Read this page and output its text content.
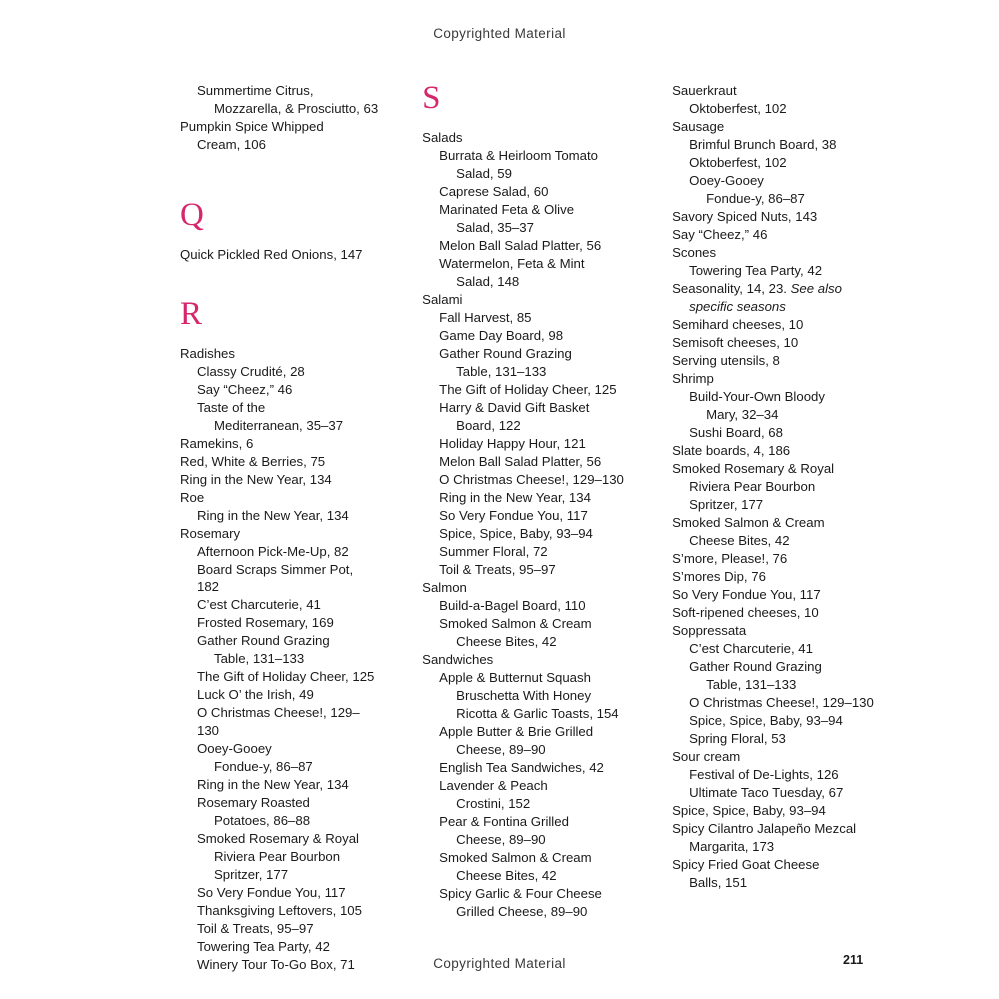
Copyrighted Material
Summertime Citrus,
Mozzarella, & Prosciutto, 63
Pumpkin Spice Whipped
Cream, 106
Q
Quick Pickled Red Onions, 147
R
Radishes
Classy Crudité, 28
Say “Cheez,” 46
Taste of the
Mediterranean, 35–37
Ramekins, 6
Red, White & Berries, 75
Ring in the New Year, 134
Roe
Ring in the New Year, 134
Rosemary
Afternoon Pick-Me-Up, 82
Board Scraps Simmer Pot, 182
C’est Charcuterie, 41
Frosted Rosemary, 169
Gather Round Grazing
Table, 131–133
The Gift of Holiday Cheer, 125
Luck O’ the Irish, 49
O Christmas Cheese!, 129–130
Ooey-Gooey
Fondue-y, 86–87
Ring in the New Year, 134
Rosemary Roasted
Potatoes, 86–88
Smoked Rosemary & Royal
Riviera Pear Bourbon
Spritzer, 177
So Very Fondue You, 117
Thanksgiving Leftovers, 105
Toil & Treats, 95–97
Towering Tea Party, 42
Winery Tour To-Go Box, 71
S
Salads
Burrata & Heirloom Tomato
Salad, 59
Caprese Salad, 60
Marinated Feta & Olive
Salad, 35–37
Melon Ball Salad Platter, 56
Watermelon, Feta & Mint
Salad, 148
Salami
Fall Harvest, 85
Game Day Board, 98
Gather Round Grazing
Table, 131–133
The Gift of Holiday Cheer, 125
Harry & David Gift Basket
Board, 122
Holiday Happy Hour, 121
Melon Ball Salad Platter, 56
O Christmas Cheese!, 129–130
Ring in the New Year, 134
So Very Fondue You, 117
Spice, Spice, Baby, 93–94
Summer Floral, 72
Toil & Treats, 95–97
Salmon
Build-a-Bagel Board, 110
Smoked Salmon & Cream
Cheese Bites, 42
Sandwiches
Apple & Butternut Squash
Bruschetta With Honey
Ricotta & Garlic Toasts, 154
Apple Butter & Brie Grilled
Cheese, 89–90
English Tea Sandwiches, 42
Lavender & Peach
Crostini, 152
Pear & Fontina Grilled
Cheese, 89–90
Smoked Salmon & Cream
Cheese Bites, 42
Spicy Garlic & Four Cheese
Grilled Cheese, 89–90
Sauerkraut
Oktoberfest, 102
Sausage
Brimful Brunch Board, 38
Oktoberfest, 102
Ooey-Gooey
Fondue-y, 86–87
Savory Spiced Nuts, 143
Say “Cheez,” 46
Scones
Towering Tea Party, 42
Seasonality, 14, 23. See also
specific seasons
Semihard cheeses, 10
Semisoft cheeses, 10
Serving utensils, 8
Shrimp
Build-Your-Own Bloody
Mary, 32–34
Sushi Board, 68
Slate boards, 4, 186
Smoked Rosemary & Royal
Riviera Pear Bourbon
Spritzer, 177
Smoked Salmon & Cream
Cheese Bites, 42
S’more, Please!, 76
S’mores Dip, 76
So Very Fondue You, 117
Soft-ripened cheeses, 10
Soppressata
C’est Charcuterie, 41
Gather Round Grazing
Table, 131–133
O Christmas Cheese!, 129–130
Spice, Spice, Baby, 93–94
Spring Floral, 53
Sour cream
Festival of De-Lights, 126
Ultimate Taco Tuesday, 67
Spice, Spice, Baby, 93–94
Spicy Cilantro Jalapeño Mezcal
Margarita, 173
Spicy Fried Goat Cheese
Balls, 151
Copyrighted Material	211
